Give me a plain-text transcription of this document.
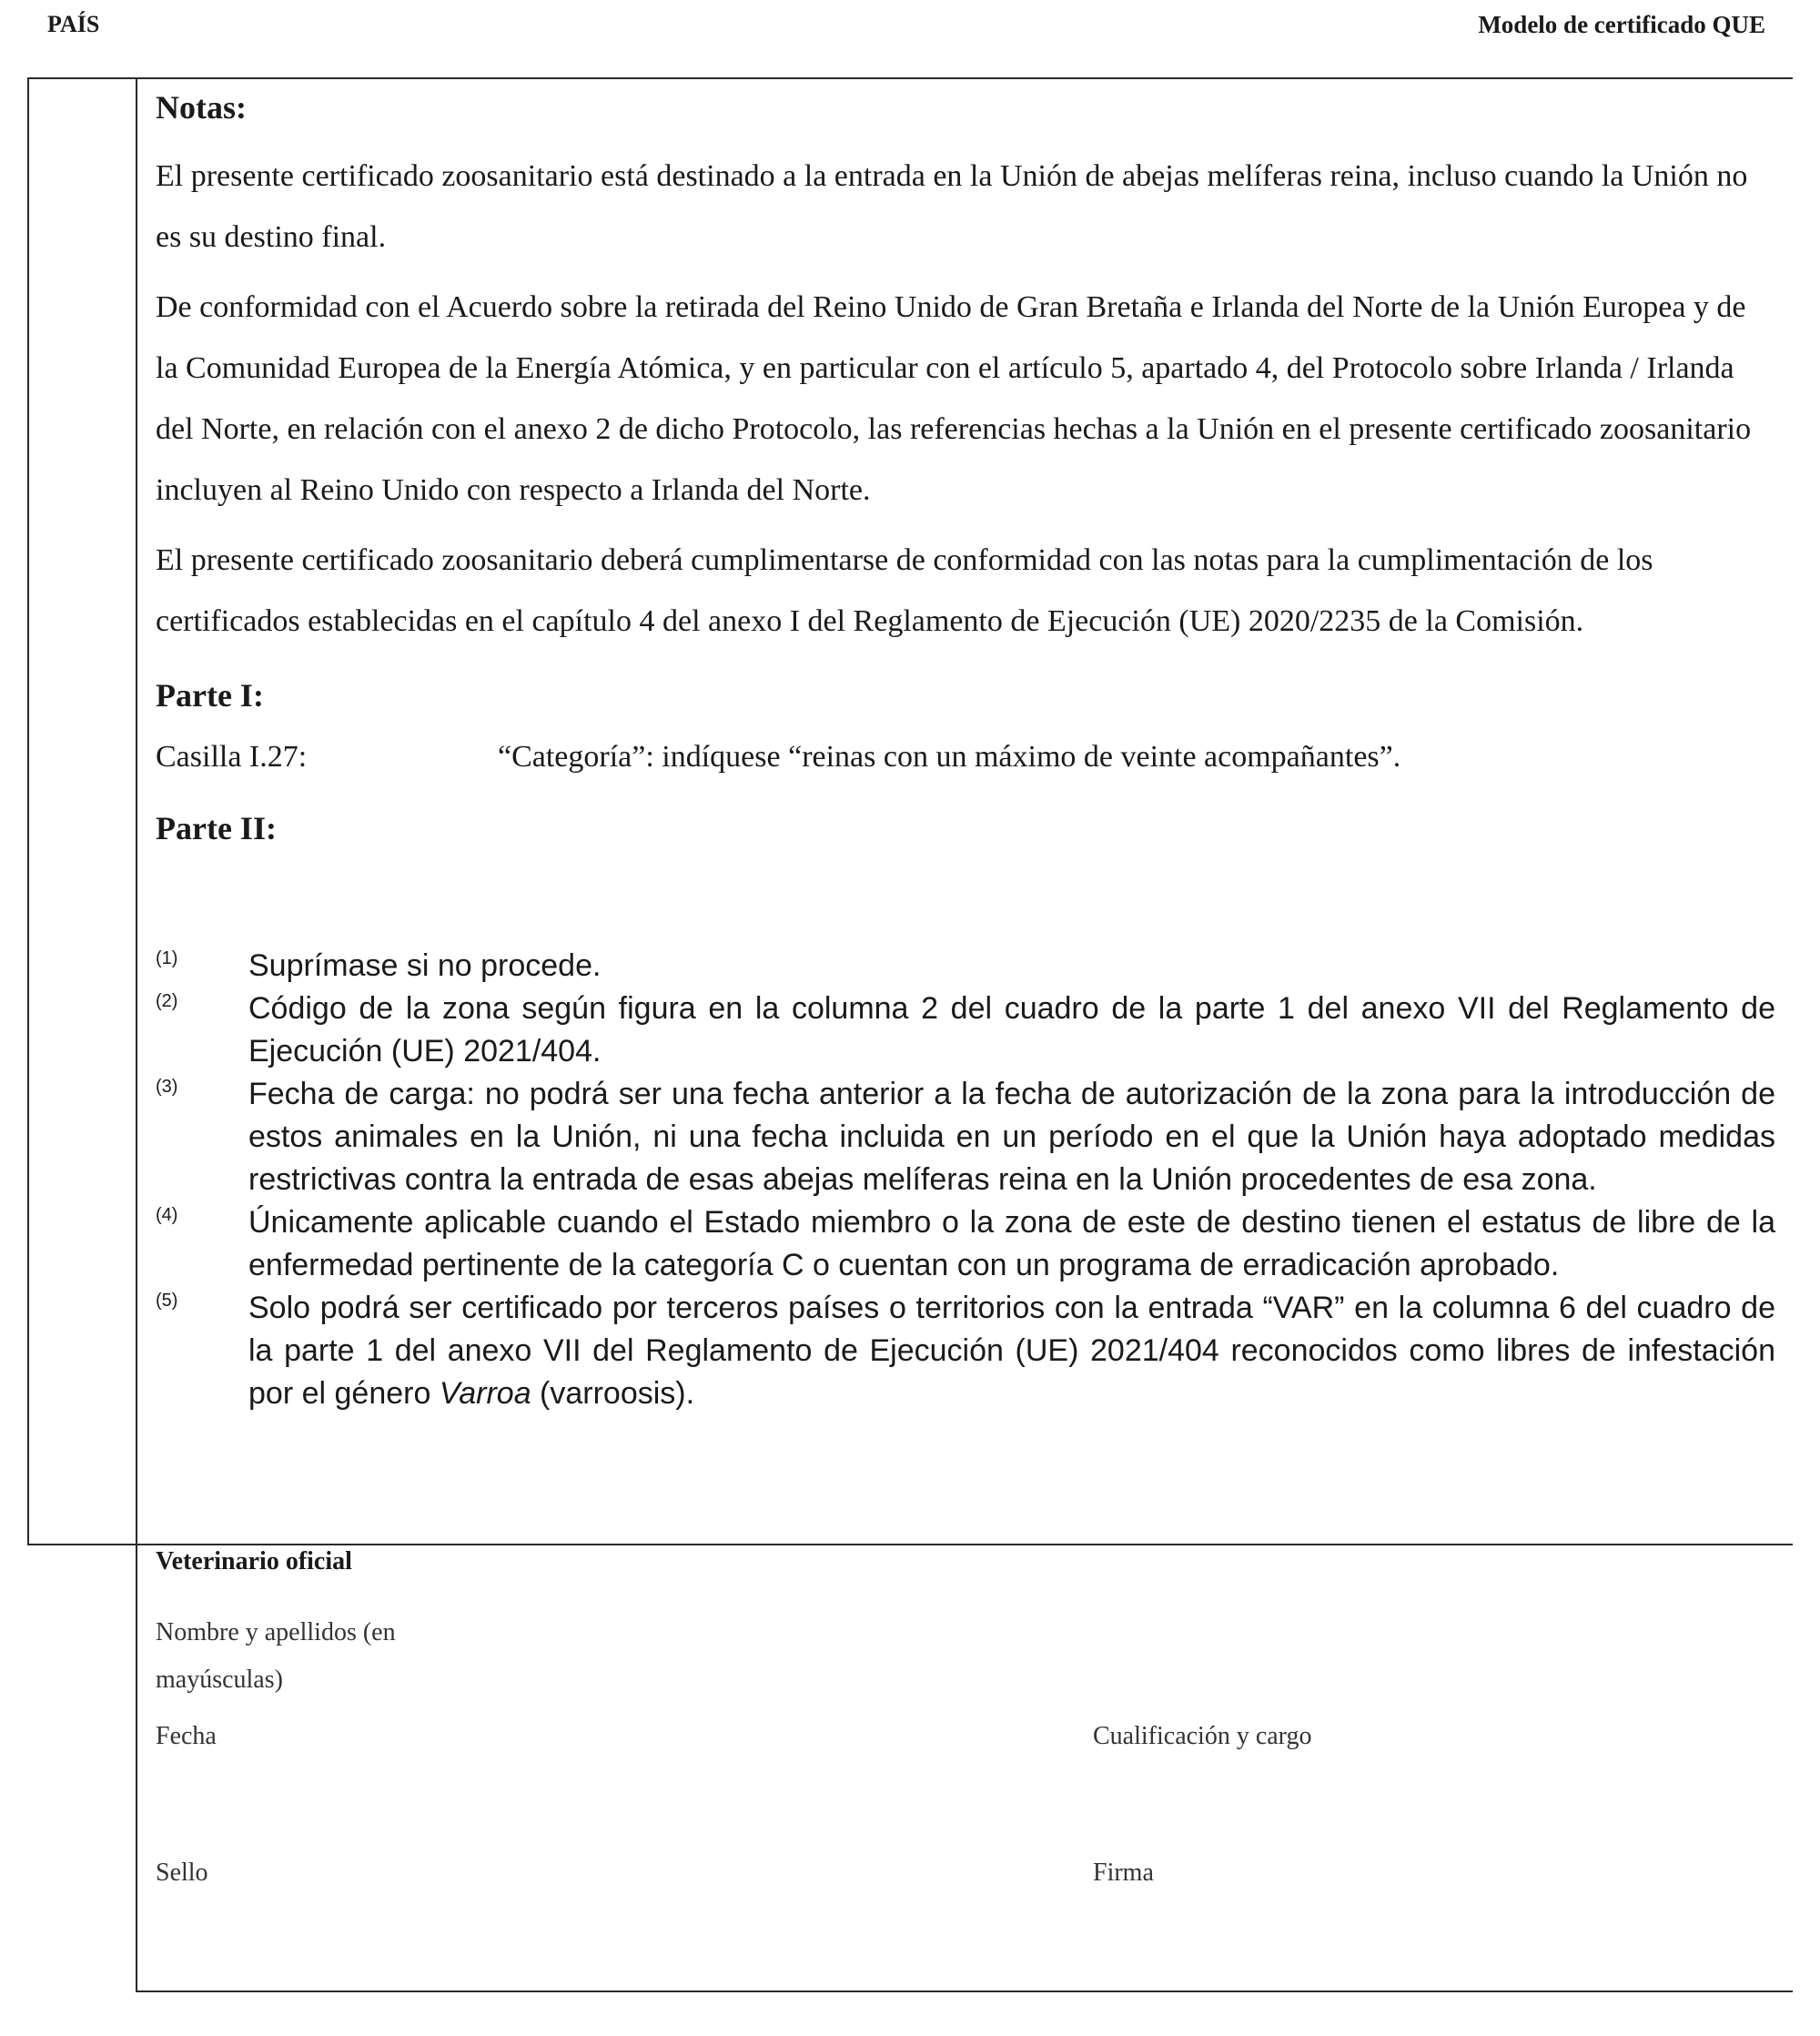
PAÍS	Modelo de certificado QUE

Notas:

El presente certificado zoosanitario está destinado a la entrada en la Unión de abejas melíferas reina, incluso cuando la Unión no es su destino final.

De conformidad con el Acuerdo sobre la retirada del Reino Unido de Gran Bretaña e Irlanda del Norte de la Unión Europea y de la Comunidad Europea de la Energía Atómica, y en particular con el artículo 5, apartado 4, del Protocolo sobre Irlanda / Irlanda del Norte, en relación con el anexo 2 de dicho Protocolo, las referencias hechas a la Unión en el presente certificado zoosanitario incluyen al Reino Unido con respecto a Irlanda del Norte.

El presente certificado zoosanitario deberá cumplimentarse de conformidad con las notas para la cumplimentación de los certificados establecidas en el capítulo 4 del anexo I del Reglamento de Ejecución (UE) 2020/2235 de la Comisión.

Parte I:

Casilla I.27:	“Categoría”: indíquese “reinas con un máximo de veinte acompañantes”.

Parte II:

(1)	Suprímase si no procede.
(2)	Código de la zona según figura en la columna 2 del cuadro de la parte 1 del anexo VII del Reglamento de Ejecución (UE) 2021/404.
(3)	Fecha de carga: no podrá ser una fecha anterior a la fecha de autorización de la zona para la introducción de estos animales en la Unión, ni una fecha incluida en un período en el que la Unión haya adoptado medidas restrictivas contra la entrada de esas abejas melíferas reina en la Unión procedentes de esa zona.
(4)	Únicamente aplicable cuando el Estado miembro o la zona de este de destino tienen el estatus de libre de la enfermedad pertinente de la categoría C o cuentan con un programa de erradicación aprobado.
(5)	Solo podrá ser certificado por terceros países o territorios con la entrada “VAR” en la columna 6 del cuadro de la parte 1 del anexo VII del Reglamento de Ejecución (UE) 2021/404 reconocidos como libres de infestación por el género Varroa (varroosis).
Veterinario oficial
Nombre y apellidos (en mayúsculas)
Fecha	Cualificación y cargo
Sello	Firma
